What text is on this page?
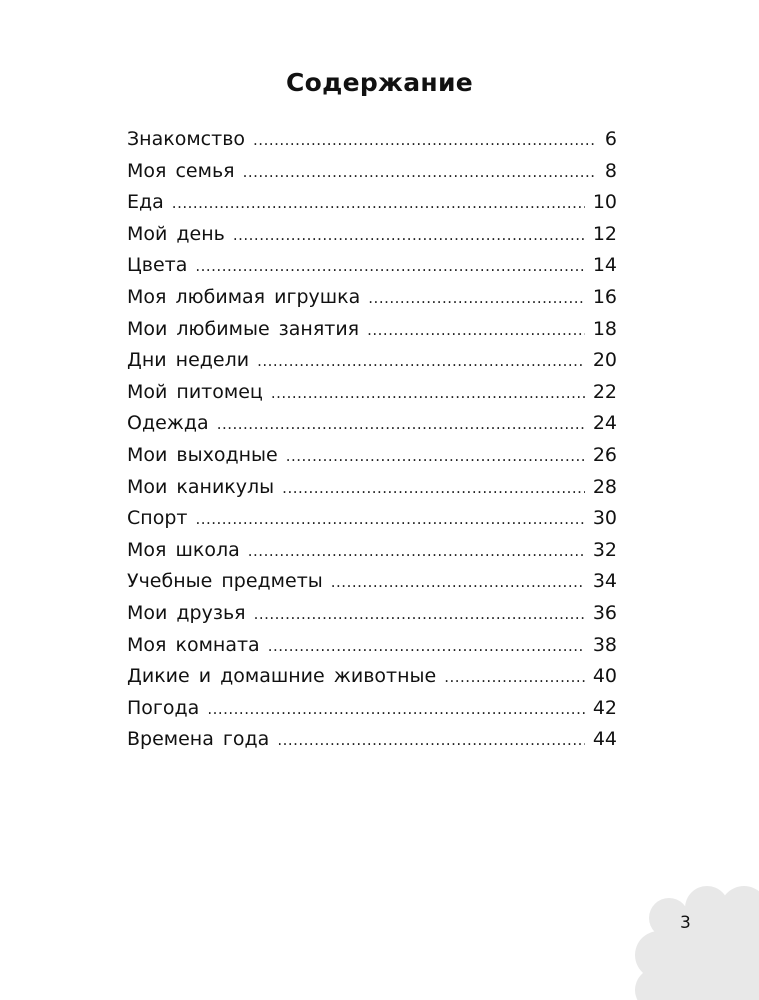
Содержание
Знакомство .....	6
Моя семья .....	8
Еда .....	10
Мой день .....	12
Цвета .....	14
Моя любимая игрушка .....	16
Мои любимые занятия .....	18
Дни недели .....	20
Мой питомец .....	22
Одежда .....	24
Мои выходные .....	26
Мои каникулы .....	28
Спорт .....	30
Моя школа .....	32
Учебные предметы .....	34
Мои друзья .....	36
Моя комната .....	38
Дикие и домашние животные .....	40
Погода .....	42
Времена года .....	44
3
